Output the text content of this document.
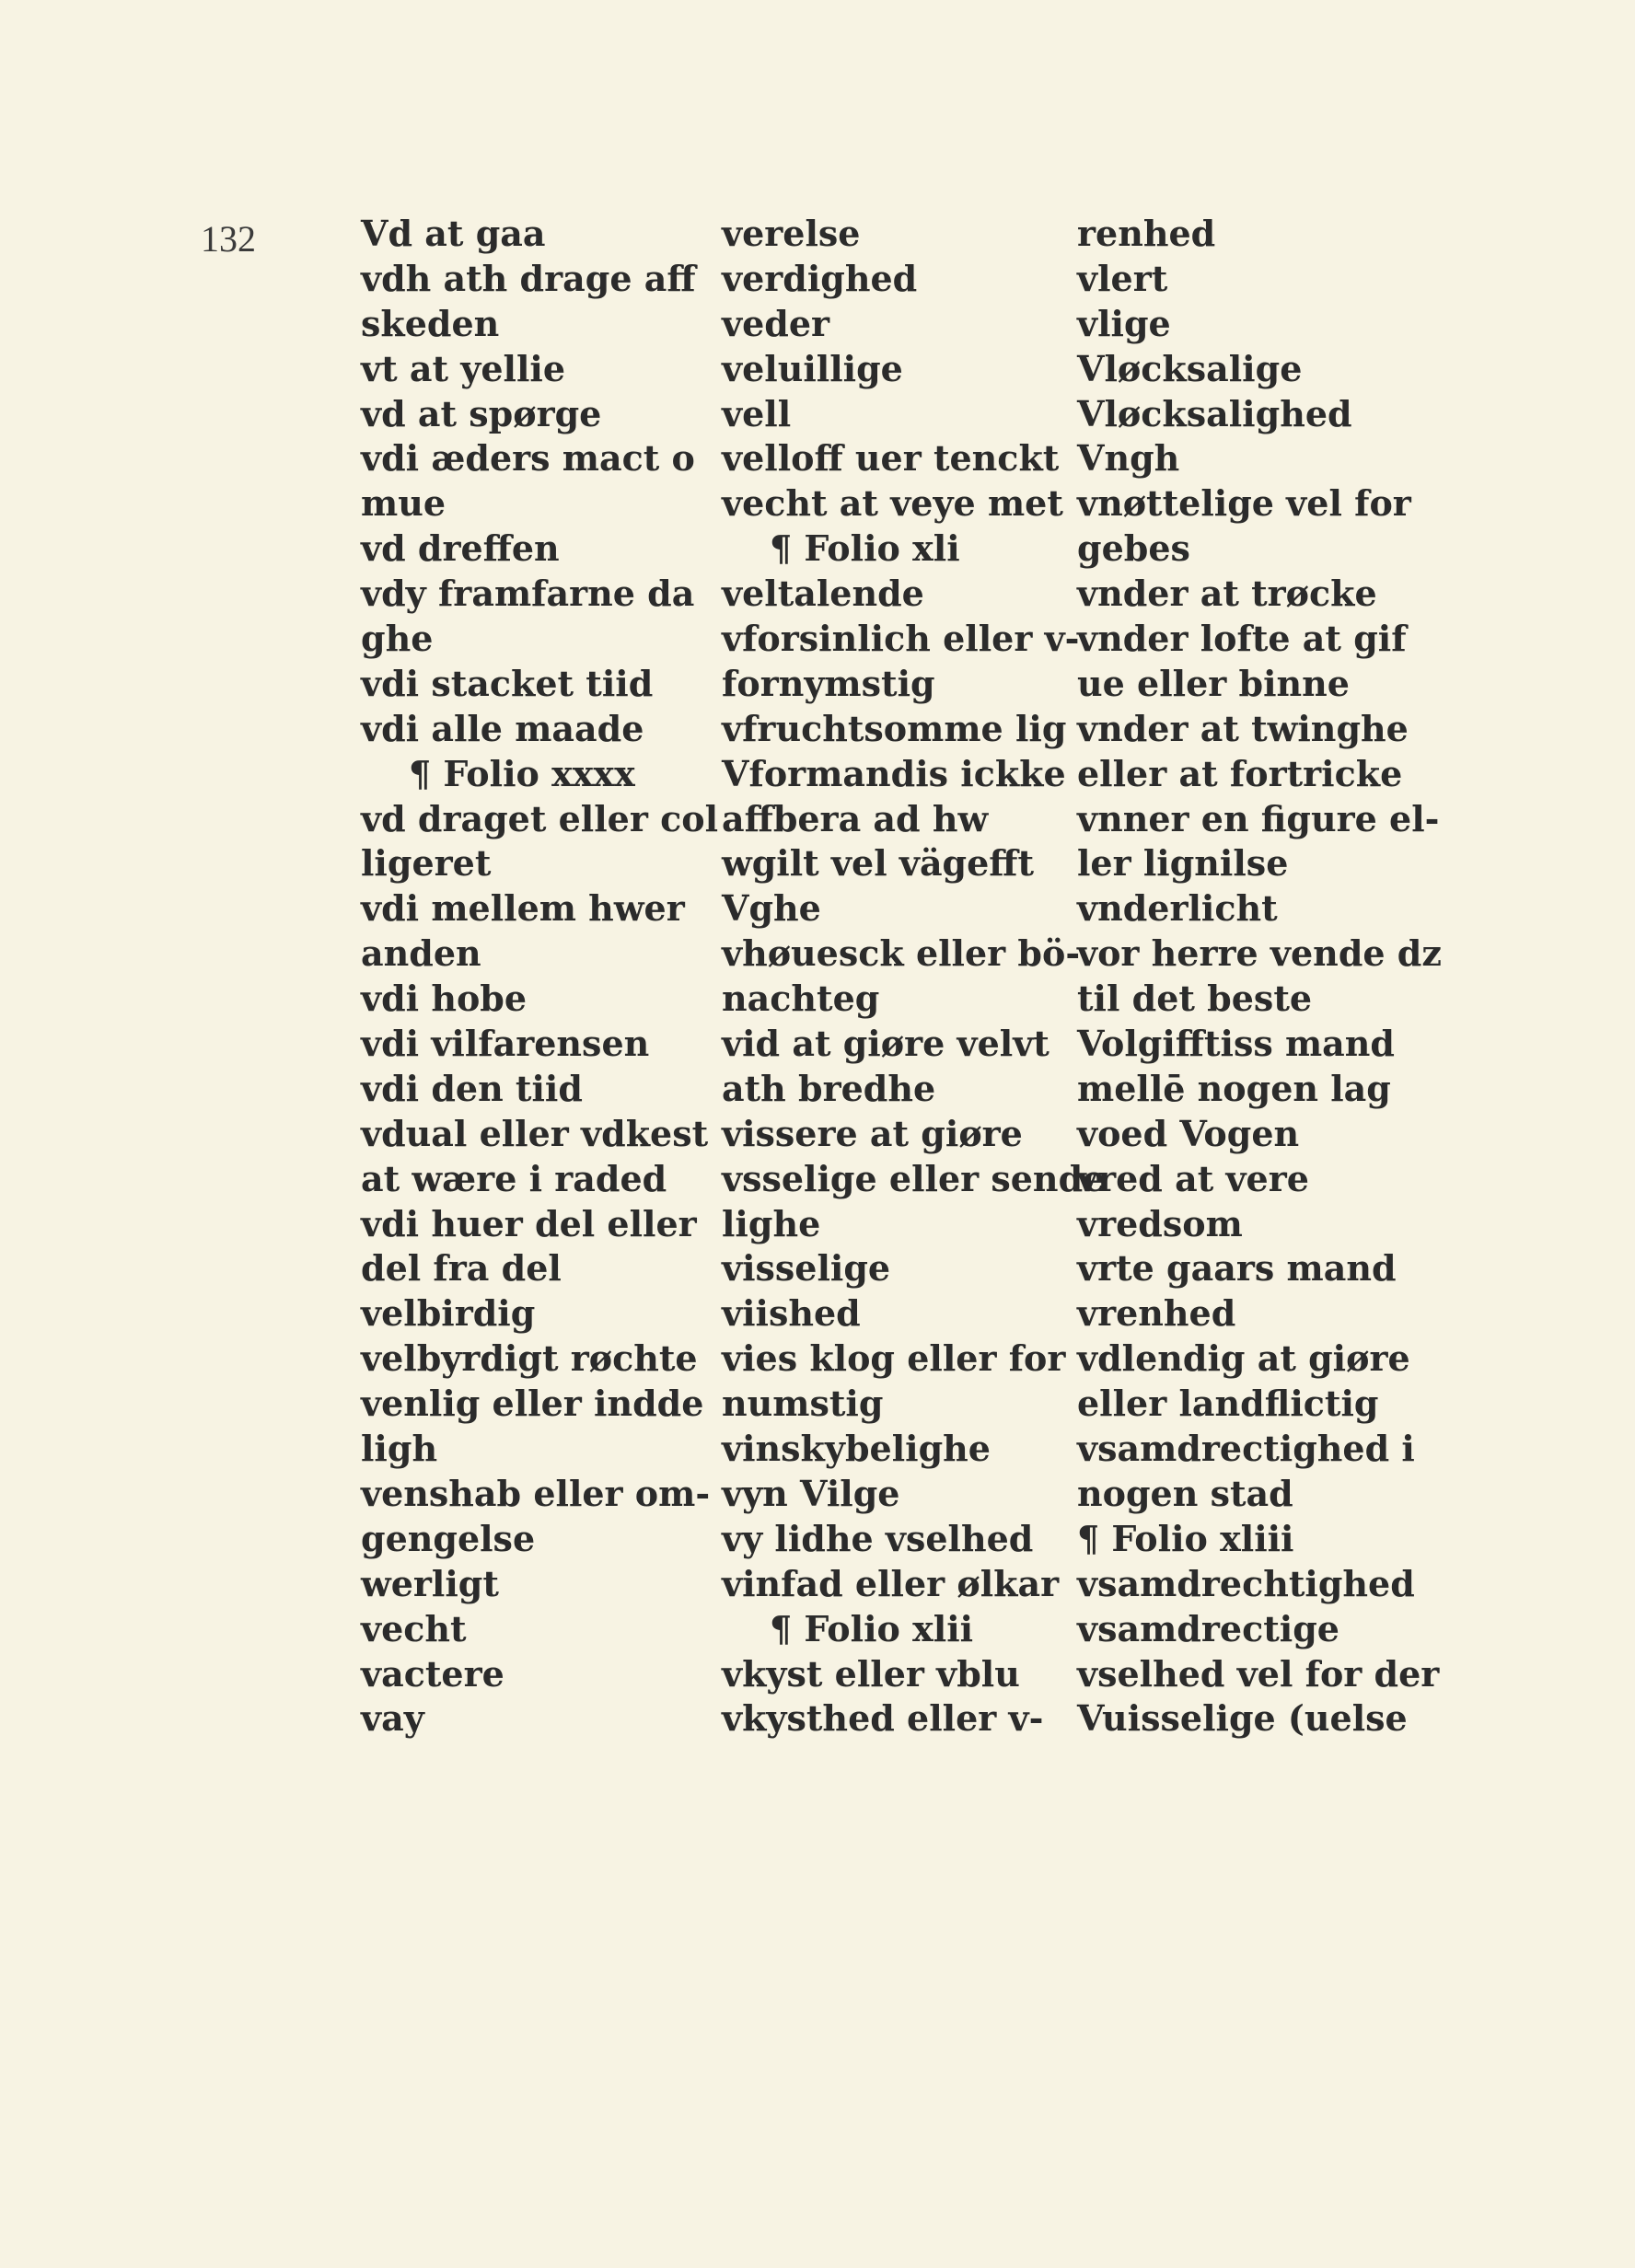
132	Vd at gaa
vdh ath drage aff
skeden
vt at yellie
vd at spørge
vdi æders mact o
mue
vd dreffen
vdy framfarne da
ghe
vdi stacket tiid
vdi alle maade
¶ Folio xxxx
vd draget eller col
ligeret
vdi mellem hwer
anden
vdi hobe
vdi vilfarensen
vdi den tiid
vdual eller vdkest
at wære i raded
vdi huer del eller
del fra del
velbirdig
velbyrdigt røchte
venlig eller indde
ligh
venshab eller om-
gengelse
werligt
vecht
vactere
vay
verelse
verdighed
veder
veluillige
vell
velloff uer tenckt
vecht at veye met
¶ Folio xli
veltalende
vforsinlich eller v-
fornymstig
vfruchtsomme lig
Vformandis ickke
affbera ad hw
wgilt vel vägefft
Vghe
vhøuesck eller bö-
nachteg
vid at giøre velvt
ath bredhe
vissere at giøre
vsselige eller sende
lighe
visselige
viished
vies klog eller for
numstig
vinskybelighe
vyn Vilge
vy lidhe vselhed
vinfad eller ølkar
¶ Folio xlii
vkyst eller vblu
vkysthed eller v-
renhed
vlert
vlige
Vløcksalige
Vløcksalighed
Vngh
vnøttelige vel for
gebes
vnder at trøcke
vnder lofte at gif
ue eller binne
vnder at twinghe
eller at fortricke
vnner en figure el-
ler lignilse
vnderlicht
vor herre vende dz
til det beste
Volgifftiss mand
mellē nogen lag
voed Vogen
vred at vere
vredsom
vrte gaars mand
vrenhed
vdlendig at giøre
eller landflictig
vsamdrectighed i
nogen stad
¶ Folio xliii
vsamdrechtighed
vsamdrectige
vselhed vel for der
Vuisselige (uelse
